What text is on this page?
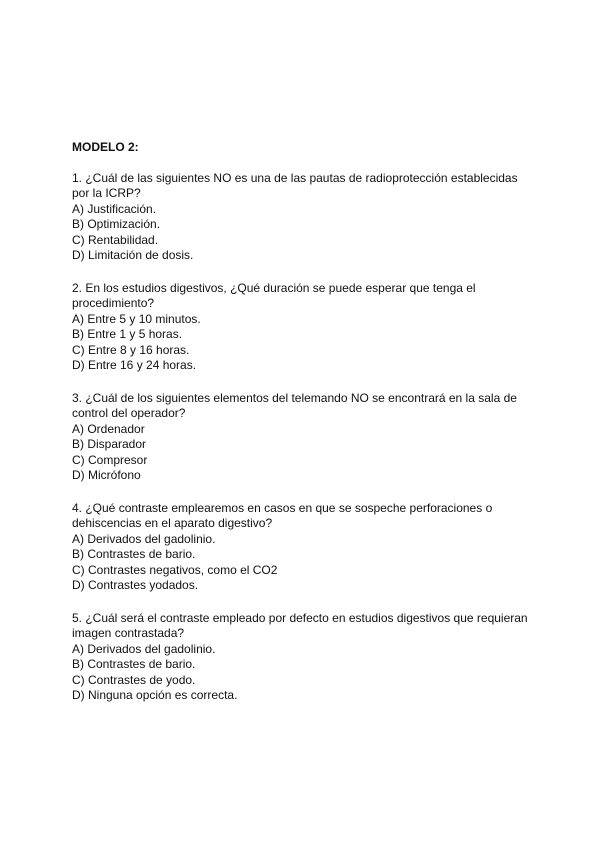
MODELO 2:

1. ¿Cuál de las siguientes NO es una de las pautas de radioprotección establecidas por la ICRP?

A) Justificación.
B) Optimización.
C) Rentabilidad.
D) Limitación de dosis.

2. En los estudios digestivos, ¿Qué duración se puede esperar que tenga el procedimiento?

A) Entre 5 y 10 minutos.
B) Entre 1 y 5 horas.
C) Entre 8 y 16 horas.
D) Entre 16 y 24 horas.

3. ¿Cuál de los siguientes elementos del telemando NO se encontrará en la sala de control del operador?

A) Ordenador
B) Disparador
C) Compresor
D) Micrófono

4. ¿Qué contraste emplearemos en casos en que se sospeche perforaciones o dehiscencias en el aparato digestivo?

A) Derivados del gadolinio.
B) Contrastes de bario.
C) Contrastes negativos, como el CO2
D) Contrastes yodados.

5. ¿Cuál será el contraste empleado por defecto en estudios digestivos que requieran imagen contrastada?

A) Derivados del gadolinio.
B) Contrastes de bario.
C) Contrastes de yodo.
D) Ninguna opción es correcta.
